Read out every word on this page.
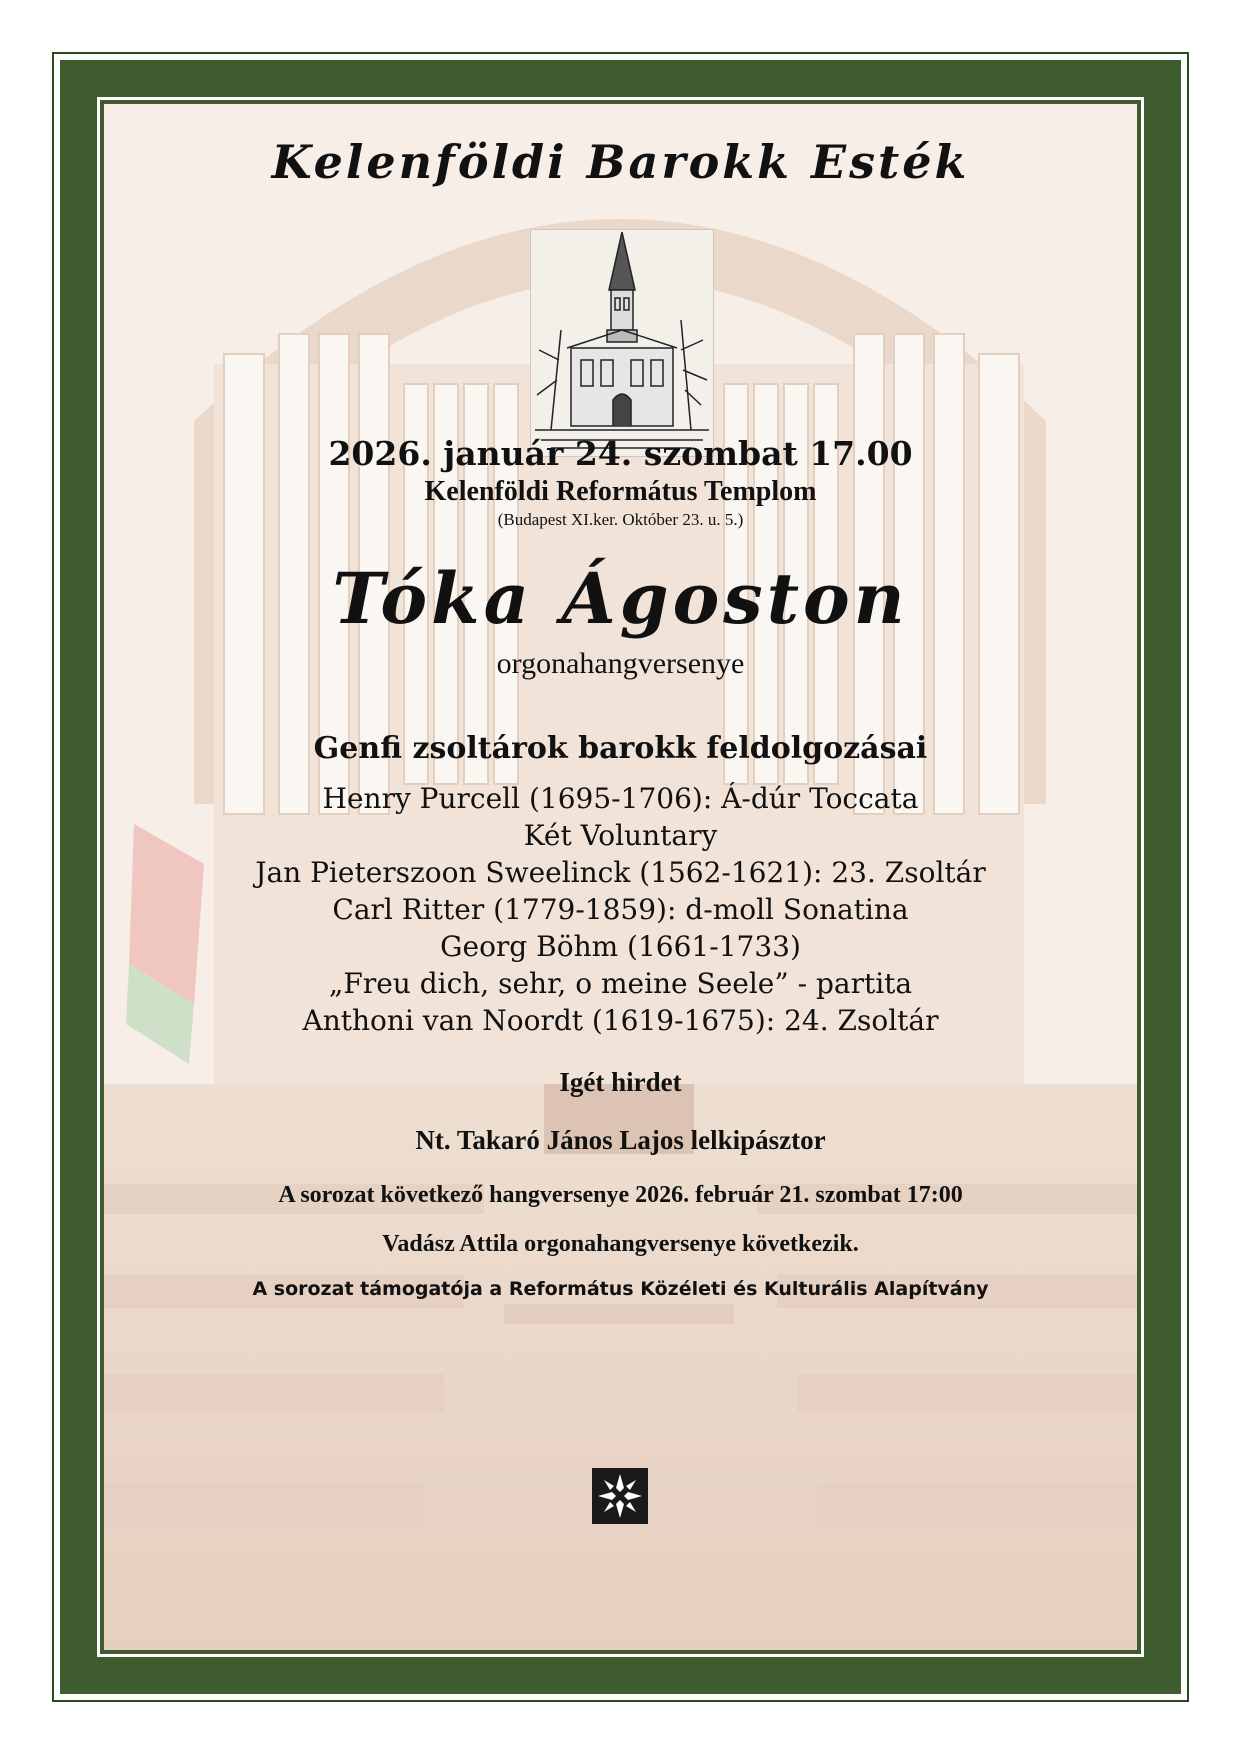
Kelenföldi Barokk Esték
2026. január 24. szombat 17.00
Kelenföldi Református Templom
(Budapest XI.ker. Október 23. u. 5.)
Tóka Ágoston
orgonahangversenye
Genfi zsoltárok barokk feldolgozásai
Henry Purcell (1695-1706): Á-dúr Toccata
Két Voluntary
Jan Pieterszoon Sweelinck (1562-1621): 23. Zsoltár
Carl Ritter (1779-1859): d-moll Sonatina
Georg Böhm (1661-1733)
„Freu dich, sehr, o meine Seele” - partita
Anthoni van Noordt (1619-1675): 24. Zsoltár
Igét hirdet
Nt. Takaró János Lajos lelkipásztor
A sorozat következő hangversenye 2026. február 21. szombat 17:00
Vadász Attila orgonahangversenye következik.
A sorozat támogatója a Református Közéleti és Kulturális Alapítvány
